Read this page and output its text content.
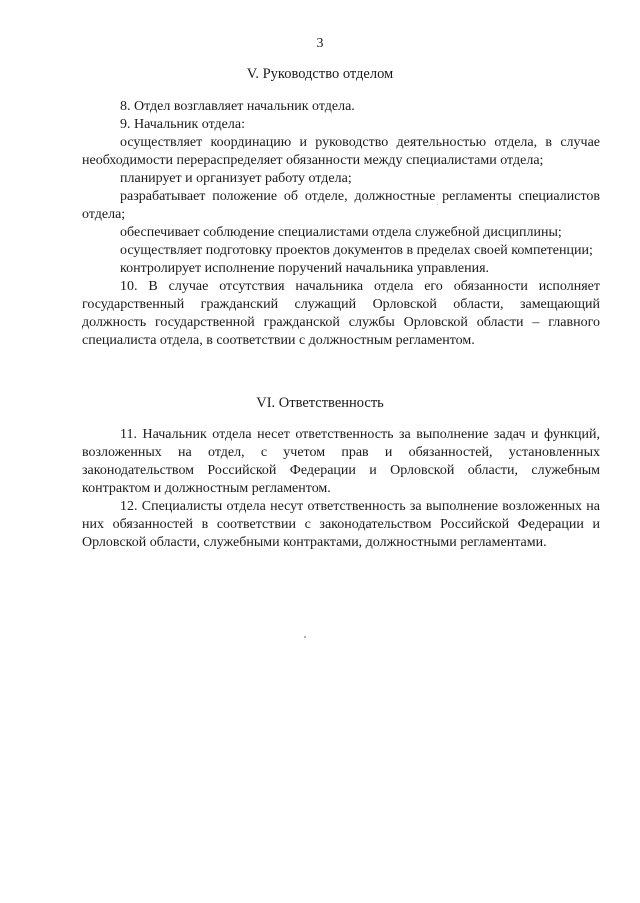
3
V. Руководство отделом

8. Отдел возглавляет начальник отдела.

9. Начальник отдела:

осуществляет координацию и руководство деятельностью отдела, в случае необходимости перераспределяет обязанности между специалистами отдела;

планирует и организует работу отдела;

разрабатывает положение об отделе, должностные регламенты специалистов отдела;

обеспечивает соблюдение специалистами отдела служебной дисциплины;

осуществляет подготовку проектов документов в пределах своей компетенции;

контролирует исполнение поручений начальника управления.

10. В случае отсутствия начальника отдела его обязанности исполняет государственный гражданский служащий Орловской области, замещающий должность государственной гражданской службы Орловской области – главного специалиста отдела, в соответствии с должностным регламентом.

VI. Ответственность

11. Начальник отдела несет ответственность за выполнение задач и функций, возложенных на отдел, с учетом прав и обязанностей, установленных законодательством Российской Федерации и Орловской области, служебным контрактом и должностным регламентом.

12. Специалисты отдела несут ответственность за выполнение возложенных на них обязанностей в соответствии с законодательством Российской Федерации и Орловской области, служебными контрактами, должностными регламентами.
